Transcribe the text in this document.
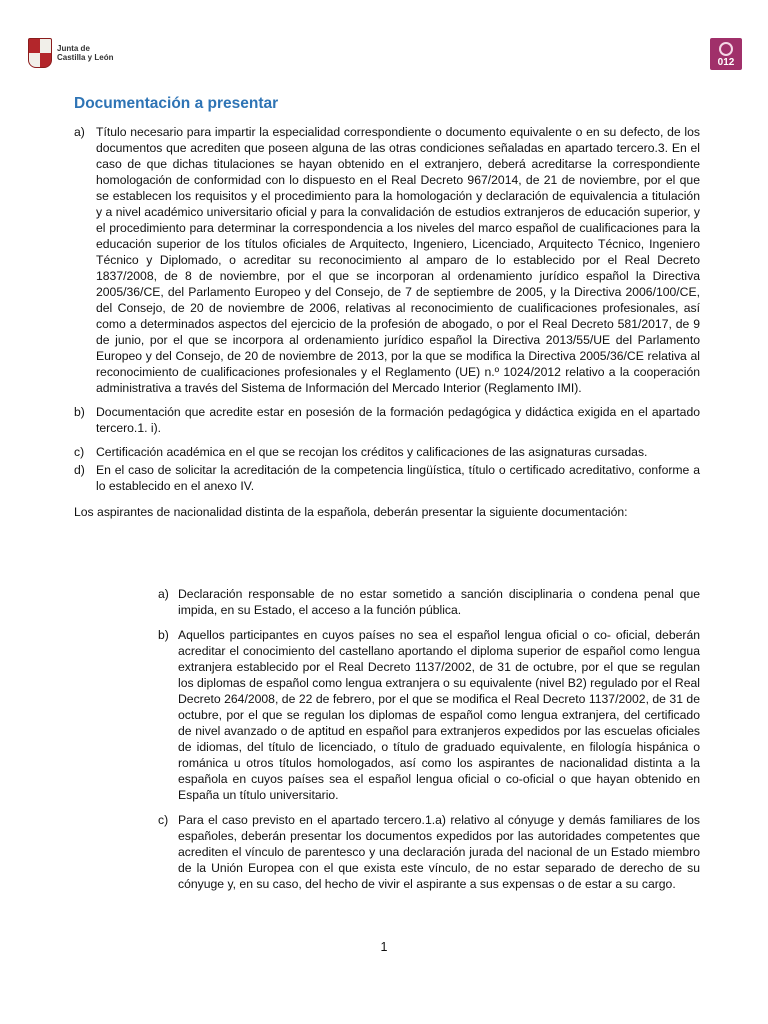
Junta de
Castilla y León	012
Documentación a presentar
a) Título necesario para impartir la especialidad correspondiente o documento equivalente o en su defecto, de los documentos que acrediten que poseen alguna de las otras condiciones señaladas en apartado tercero.3. En el caso de que dichas titulaciones se hayan obtenido en el extranjero, deberá acreditarse la correspondiente homologación de conformidad con lo dispuesto en el Real Decreto 967/2014, de 21 de noviembre, por el que se establecen los requisitos y el procedimiento para la homologación y declaración de equivalencia a titulación y a nivel académico universitario oficial y para la convalidación de estudios extranjeros de educación superior, y el procedimiento para determinar la correspondencia a los niveles del marco español de cualificaciones para la educación superior de los títulos oficiales de Arquitecto, Ingeniero, Licenciado, Arquitecto Técnico, Ingeniero Técnico y Diplomado, o acreditar su reconocimiento al amparo de lo establecido por el Real Decreto 1837/2008, de 8 de noviembre, por el que se incorporan al ordenamiento jurídico español la Directiva 2005/36/CE, del Parlamento Europeo y del Consejo, de 7 de septiembre de 2005, y la Directiva 2006/100/CE, del Consejo, de 20 de noviembre de 2006, relativas al reconocimiento de cualificaciones profesionales, así como a determinados aspectos del ejercicio de la profesión de abogado, o por el Real Decreto 581/2017, de 9 de junio, por el que se incorpora al ordenamiento jurídico español la Directiva 2013/55/UE del Parlamento Europeo y del Consejo, de 20 de noviembre de 2013, por la que se modifica la Directiva 2005/36/CE relativa al reconocimiento de cualificaciones profesionales y el Reglamento (UE) n.º 1024/2012 relativo a la cooperación administrativa a través del Sistema de Información del Mercado Interior (Reglamento IMI).
b) Documentación que acredite estar en posesión de la formación pedagógica y didáctica exigida en el apartado tercero.1. i).
c) Certificación académica en el que se recojan los créditos y calificaciones de las asignaturas cursadas.
d) En el caso de solicitar la acreditación de la competencia lingüística, título o certificado acreditativo, conforme a lo establecido en el anexo IV.

Los aspirantes de nacionalidad distinta de la española, deberán presentar la siguiente documentación:

a) Declaración responsable de no estar sometido a sanción disciplinaria o condena penal que impida, en su Estado, el acceso a la función pública.
b) Aquellos participantes en cuyos países no sea el español lengua oficial o co- oficial, deberán acreditar el conocimiento del castellano aportando el diploma superior de español como lengua extranjera establecido por el Real Decreto 1137/2002, de 31 de octubre, por el que se regulan los diplomas de español como lengua extranjera o su equivalente (nivel B2) regulado por el Real Decreto 264/2008, de 22 de febrero, por el que se modifica el Real Decreto 1137/2002, de 31 de octubre, por el que se regulan los diplomas de español como lengua extranjera, del certificado de nivel avanzado o de aptitud en español para extranjeros expedidos por las escuelas oficiales de idiomas, del título de licenciado, o título de graduado equivalente, en filología hispánica o románica u otros títulos homologados, así como los aspirantes de nacionalidad distinta a la española en cuyos países sea el español lengua oficial o co-oficial o que hayan obtenido en España un título universitario.
c) Para el caso previsto en el apartado tercero.1.a) relativo al cónyuge y demás familiares de los españoles, deberán presentar los documentos expedidos por las autoridades competentes que acrediten el vínculo de parentesco y una declaración jurada del nacional de un Estado miembro de la Unión Europea con el que exista este vínculo, de no estar separado de derecho de su cónyuge y, en su caso, del hecho de vivir el aspirante a sus expensas o de estar a su cargo.
1
